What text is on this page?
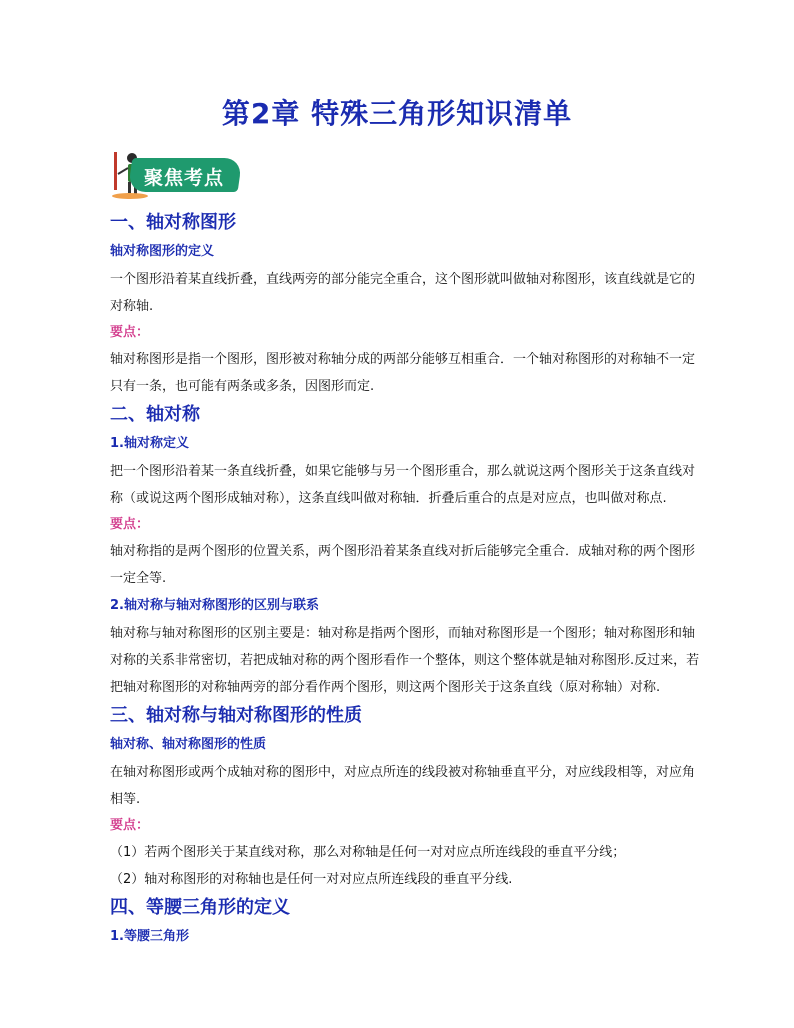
第2章 特殊三角形知识清单
聚焦考点

一、轴对称图形

轴对称图形的定义

一个图形沿着某直线折叠，直线两旁的部分能完全重合，这个图形就叫做轴对称图形，该直线就是它的对称轴.

要点：

轴对称图形是指一个图形，图形被对称轴分成的两部分能够互相重合．一个轴对称图形的对称轴不一定只有一条，也可能有两条或多条，因图形而定.

二、轴对称

1.轴对称定义

把一个图形沿着某一条直线折叠，如果它能够与另一个图形重合，那么就说这两个图形关于这条直线对称（或说这两个图形成轴对称），这条直线叫做对称轴．折叠后重合的点是对应点，也叫做对称点.

要点：

轴对称指的是两个图形的位置关系，两个图形沿着某条直线对折后能够完全重合．成轴对称的两个图形一定全等.

2.轴对称与轴对称图形的区别与联系

轴对称与轴对称图形的区别主要是：轴对称是指两个图形，而轴对称图形是一个图形；轴对称图形和轴对称的关系非常密切，若把成轴对称的两个图形看作一个整体，则这个整体就是轴对称图形.反过来，若把轴对称图形的对称轴两旁的部分看作两个图形，则这两个图形关于这条直线（原对称轴）对称.

三、轴对称与轴对称图形的性质

轴对称、轴对称图形的性质

在轴对称图形或两个成轴对称的图形中，对应点所连的线段被对称轴垂直平分，对应线段相等，对应角相等.

要点：

（1）若两个图形关于某直线对称，那么对称轴是任何一对对应点所连线段的垂直平分线；

（2）轴对称图形的对称轴也是任何一对对应点所连线段的垂直平分线.

四、等腰三角形的定义

1.等腰三角形
